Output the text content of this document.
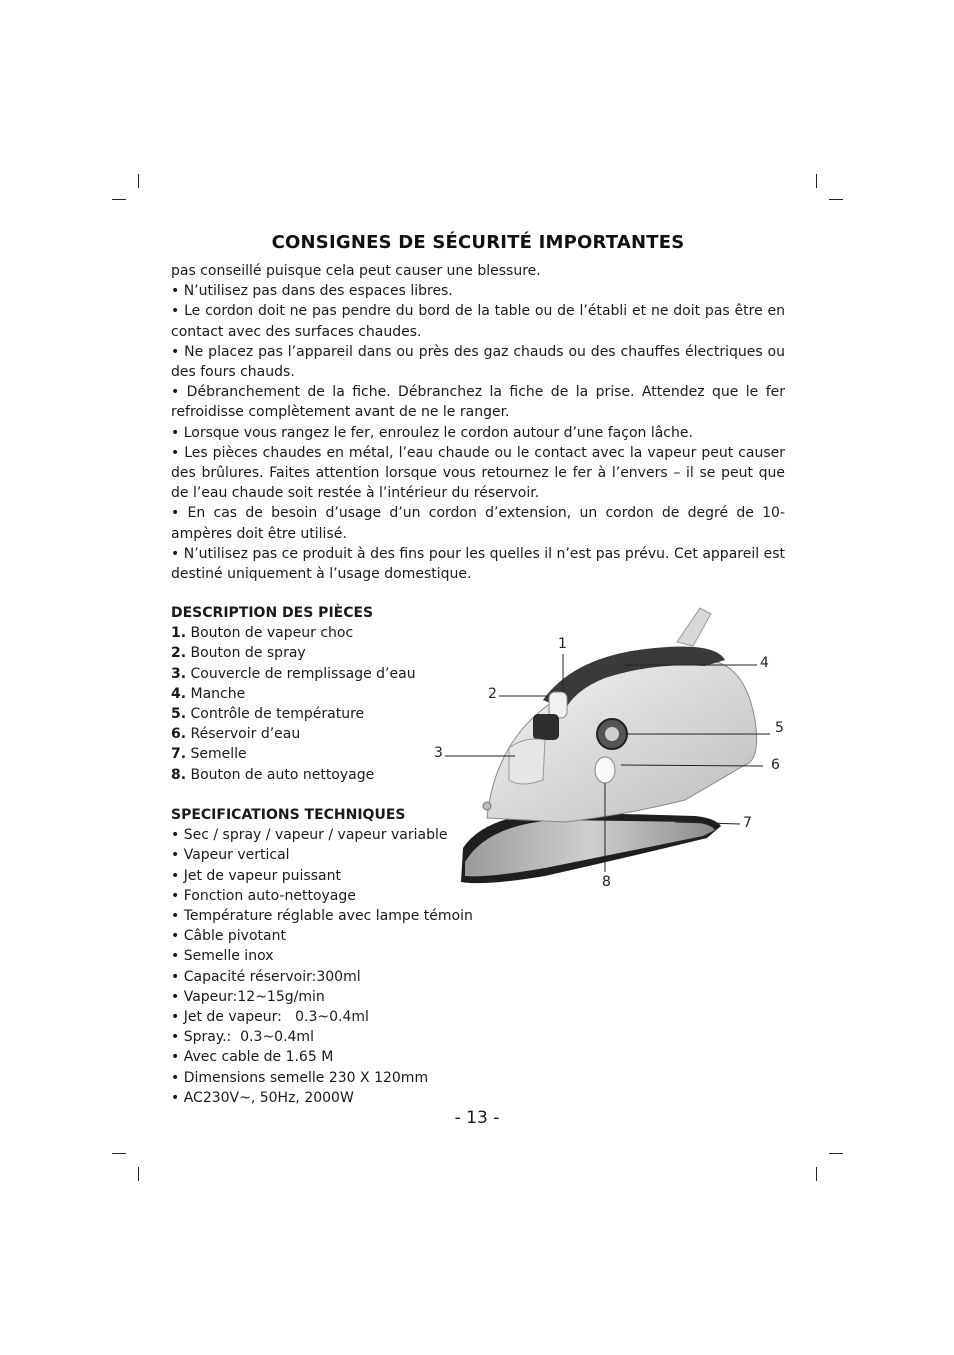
CONSIGNES DE SÉCURITÉ IMPORTANTES

pas conseillé puisque cela peut causer une blessure.

• N’utilisez pas dans des espaces libres.

• Le cordon doit ne pas pendre du bord de la table ou de l’établi et ne doit pas être en contact avec des surfaces chaudes.

• Ne placez pas l’appareil dans ou près des gaz chauds ou des chauffes électriques ou des fours chauds.

• Débranchement de la fiche. Débranchez la fiche de la prise. Attendez que le fer refroidisse complètement avant de ne le ranger.

• Lorsque vous rangez le fer, enroulez le cordon autour d’une façon lâche.

• Les pièces chaudes en métal, l’eau chaude ou le contact avec la vapeur peut causer des brûlures. Faites attention lorsque vous retournez le fer à l’envers – il se peut que de l’eau chaude soit restée à l’intérieur du réservoir.

• En cas de besoin d’usage d’un cordon d’extension, un cordon de degré de 10-ampères doit être utilisé.

• N’utilisez pas ce produit à des fins pour les quelles il n’est pas prévu. Cet appareil est destiné uniquement à l’usage domestique.

DESCRIPTION DES PIÈCES
1. Bouton de vapeur choc
2. Bouton de spray
3. Couvercle de remplissage d’eau
4. Manche
5. Contrôle de température
6. Réservoir d’eau
7. Semelle
8. Bouton de auto nettoyage
SPECIFICATIONS TECHNIQUES
• Sec / spray / vapeur / vapeur variable
• Vapeur vertical
• Jet de vapeur puissant
• Fonction auto-nettoyage
• Température réglable avec lampe témoin
• Câble pivotant
• Semelle inox
• Capacité réservoir:300ml
• Vapeur:12~15g/min
• Jet de vapeur:   0.3~0.4ml
• Spray.:  0.3~0.4ml
• Avec cable de 1.65 M
• Dimensions semelle 230 X 120mm
• AC230V~, 50Hz, 2000W
1
2
3
4
5
6
7
8
- 13 -
